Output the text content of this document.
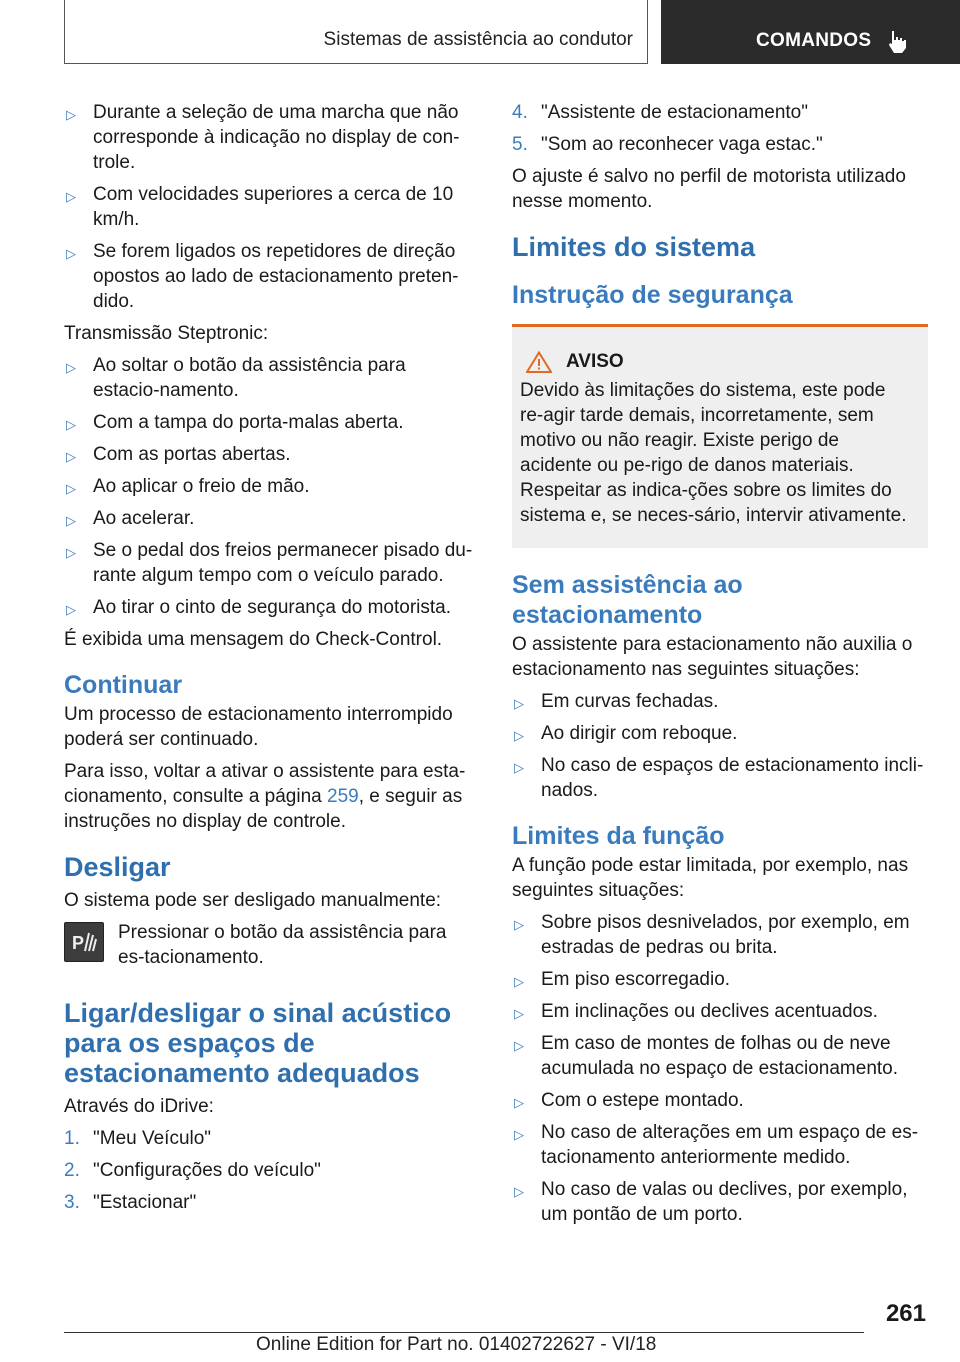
Sistemas de assistência ao condutor	COMANDOS
▷ Durante a seleção de uma marcha que não corresponde à indicação no display de con-trole.
▷ Com velocidades superiores a cerca de 10 km/h.
▷ Se forem ligados os repetidores de direção opostos ao lado de estacionamento preten-dido.

Transmissão Steptronic:

▷ Ao soltar o botão da assistência para estacio-namento.
▷ Com a tampa do porta-malas aberta.
▷ Com as portas abertas.
▷ Ao aplicar o freio de mão.
▷ Ao acelerar.
▷ Se o pedal dos freios permanecer pisado du-rante algum tempo com o veículo parado.
▷ Ao tirar o cinto de segurança do motorista.

É exibida uma mensagem do Check-Control.

Continuar

Um processo de estacionamento interrompido poderá ser continuado.

Para isso, voltar a ativar o assistente para esta-cionamento, consulte a página 259, e seguir as instruções no display de controle.

Desligar

O sistema pode ser desligado manualmente:

P Pressionar o botão da assistência para es-tacionamento.
Ligar/desligar o sinal acústico para os espaços de estacionamento adequados

Através do iDrive:

1. "Meu Veículo"
2. "Configurações do veículo"
3. "Estacionar"
4. "Assistente de estacionamento"
5. "Som ao reconhecer vaga estac."

O ajuste é salvo no perfil de motorista utilizado nesse momento.

Limites do sistema
Instrução de segurança
AVISO
Devido às limitações do sistema, este pode re-agir tarde demais, incorretamente, sem motivo ou não reagir. Existe perigo de acidente ou pe-rigo de danos materiais. Respeitar as indica-ções sobre os limites do sistema e, se neces-sário, intervir ativamente.
Sem assistência ao estacionamento

O assistente para estacionamento não auxilia o estacionamento nas seguintes situações:

▷ Em curvas fechadas.
▷ Ao dirigir com reboque.
▷ No caso de espaços de estacionamento incli-nados.
Limites da função

A função pode estar limitada, por exemplo, nas seguintes situações:

▷ Sobre pisos desnivelados, por exemplo, em estradas de pedras ou brita.
▷ Em piso escorregadio.
▷ Em inclinações ou declives acentuados.
▷ Em caso de montes de folhas ou de neve acumulada no espaço de estacionamento.
▷ Com o estepe montado.
▷ No caso de alterações em um espaço de es-tacionamento anteriormente medido.
▷ No caso de valas ou declives, por exemplo, um pontão de um porto.
261
Online Edition for Part no. 01402722627 - VI/18
